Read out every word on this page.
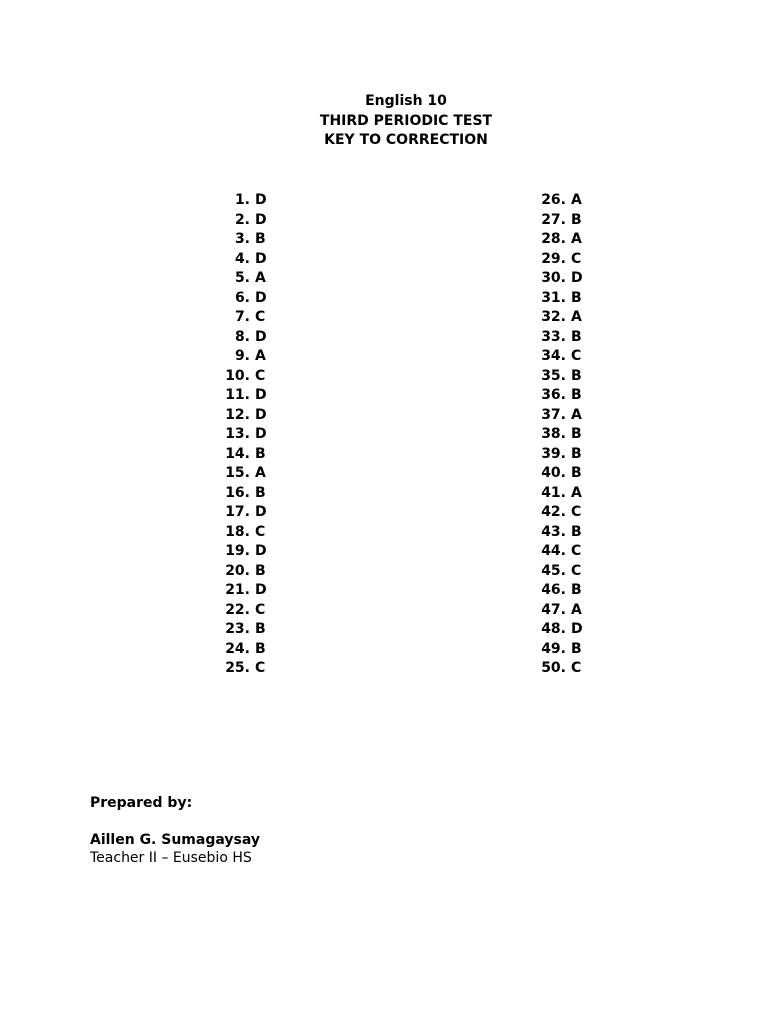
English 10
THIRD PERIODIC TEST
KEY TO CORRECTION
1. D
2. D
3. B
4. D
5. A
6. D
7. C
8. D
9. A
10. C
11. D
12. D
13. D
14. B
15. A
16. B
17. D
18. C
19. D
20. B
21. D
22. C
23. B
24. B
25. C
26. A
27. B
28. A
29. C
30. D
31. B
32. A
33. B
34. C
35. B
36. B
37. A
38. B
39. B
40. B
41. A
42. C
43. B
44. C
45. C
46. B
47. A
48. D
49. B
50. C
Prepared by:
Aillen G. Sumagaysay
Teacher II – Eusebio HS
